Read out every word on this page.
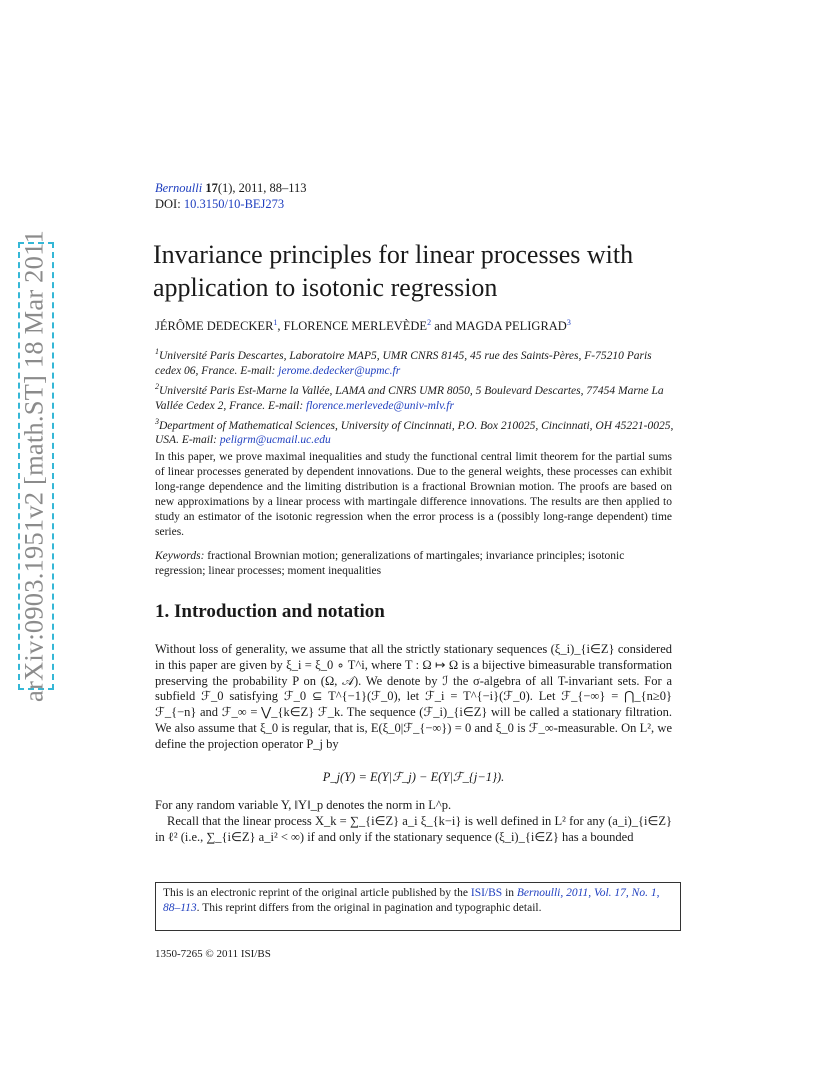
arXiv:0903.1951v2 [math.ST] 18 Mar 2011
Bernoulli 17(1), 2011, 88–113
DOI: 10.3150/10-BEJ273
Invariance principles for linear processes with application to isotonic regression
JÉRÔME DEDECKER$^1$, FLORENCE MERLEVÈDE$^2$ and MAGDA PELIGRAD$^3$
$^1$Université Paris Descartes, Laboratoire MAP5, UMR CNRS 8145, 45 rue des Saints-Pères, F-75210 Paris cedex 06, France. E-mail: jerome.dedecker@upmc.fr
$^2$Université Paris Est-Marne la Vallée, LAMA and CNRS UMR 8050, 5 Boulevard Descartes, 77454 Marne La Vallée Cedex 2, France. E-mail: florence.merlevede@univ-mlv.fr
$^3$Department of Mathematical Sciences, University of Cincinnati, P.O. Box 210025, Cincinnati, OH 45221-0025, USA. E-mail: peligrm@ucmail.uc.edu

In this paper, we prove maximal inequalities and study the functional central limit theorem for the partial sums of linear processes generated by dependent innovations. Due to the general weights, these processes can exhibit long-range dependence and the limiting distribution is a fractional Brownian motion. The proofs are based on new approximations by a linear process with martingale difference innovations. The results are then applied to study an estimator of the isotonic regression when the error process is a (possibly long-range dependent) time series.

Keywords: fractional Brownian motion; generalizations of martingales; invariance principles; isotonic regression; linear processes; moment inequalities

1. Introduction and notation

Without loss of generality, we assume that all the strictly stationary sequences (ξ_i)_{i∈Z} considered in this paper are given by ξ_i = ξ_0 ∘ T^i, where T : Ω ↦ Ω is a bijective bimeasurable transformation preserving the probability P on (Ω, 𝒜). We denote by ℐ the σ-algebra of all T-invariant sets. For a subfield ℱ_0 satisfying ℱ_0 ⊆ T^{−1}(ℱ_0), let ℱ_i = T^{−i}(ℱ_0). Let ℱ_{−∞} = ⋂_{n≥0} ℱ_{−n} and ℱ_∞ = ⋁_{k∈Z} ℱ_k. The sequence (ℱ_i)_{i∈Z} will be called a stationary filtration. We also assume that ξ_0 is regular, that is, E(ξ_0|ℱ_{−∞}) = 0 and ξ_0 is ℱ_∞-measurable. On L², we define the projection operator P_j by

P_j(Y) = E(Y|ℱ_j) − E(Y|ℱ_{j−1}).
For any random variable Y, ‖Y‖_p denotes the norm in L^p.
Recall that the linear process X_k = ∑_{i∈Z} a_i ξ_{k−i} is well defined in L² for any (a_i)_{i∈Z} in ℓ² (i.e., ∑_{i∈Z} a_i² < ∞) if and only if the stationary sequence (ξ_i)_{i∈Z} has a bounded
This is an electronic reprint of the original article published by the ISI/BS in Bernoulli, 2011, Vol. 17, No. 1, 88–113. This reprint differs from the original in pagination and typographic detail.
1350-7265 © 2011 ISI/BS
